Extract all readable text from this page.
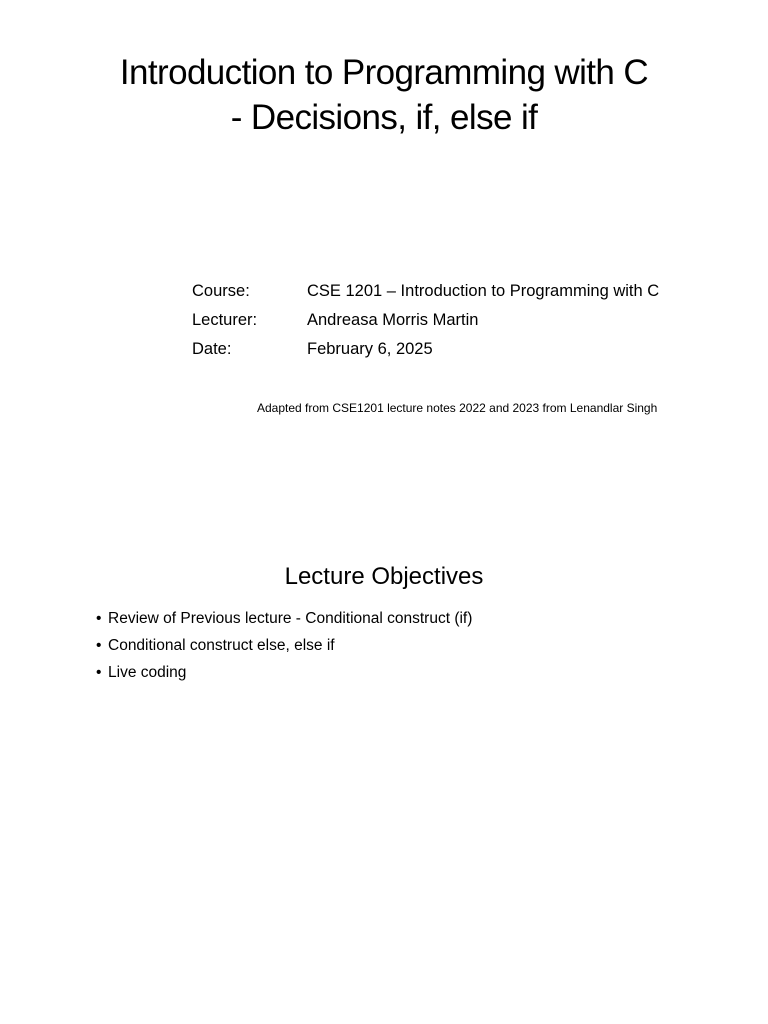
Introduction to Programming with C
- Decisions, if, else if
Course:	CSE 1201 – Introduction to Programming with C
Lecturer:	Andreasa Morris Martin
Date:	February 6, 2025
Adapted from CSE1201 lecture notes 2022 and 2023 from Lenandlar Singh
Lecture Objectives
• Review of Previous lecture - Conditional construct (if)
• Conditional construct else, else if
• Live coding
